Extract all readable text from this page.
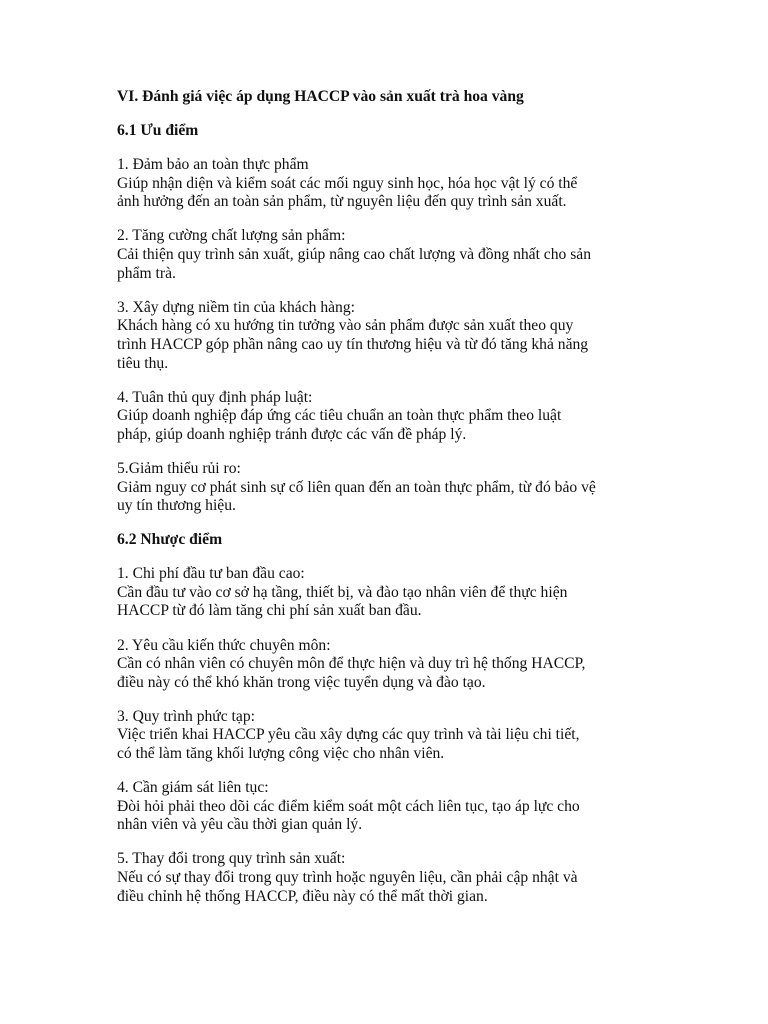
VI. Đánh giá việc áp dụng HACCP vào sản xuất trà hoa vàng
6.1 Ưu điểm
1. Đảm bảo an toàn thực phẩm
Giúp nhận diện và kiểm soát các mối nguy sinh học, hóa học vật lý có thể
ảnh hưởng đến an toàn sản phẩm, từ nguyên liệu đến quy trình sản xuất.
2. Tăng cường chất lượng sản phẩm:
Cải thiện quy trình sản xuất, giúp nâng cao chất lượng và đồng nhất cho sản
phẩm trà.
3. Xây dựng niềm tin của khách hàng:
Khách hàng có xu hướng tin tưởng vào sản phẩm được sản xuất theo quy
trình HACCP góp phần nâng cao uy tín thương hiệu và từ đó tăng khả năng
tiêu thụ.
4. Tuân thủ quy định pháp luật:
Giúp doanh nghiệp đáp ứng các tiêu chuẩn an toàn thực phẩm theo luật
pháp, giúp doanh nghiệp tránh được các vấn đề pháp lý.
5.Giảm thiểu rủi ro:
Giảm nguy cơ phát sinh sự cố liên quan đến an toàn thực phẩm, từ đó bảo vệ
uy tín thương hiệu.
6.2 Nhược điểm
1. Chi phí đầu tư ban đầu cao:
Cần đầu tư vào cơ sở hạ tầng, thiết bị, và đào tạo nhân viên để thực hiện
HACCP từ đó làm tăng chi phí sản xuất ban đầu.
2. Yêu cầu kiến thức chuyên môn:
Cần có nhân viên có chuyên môn để thực hiện và duy trì hệ thống HACCP,
điều này có thể khó khăn trong việc tuyển dụng và đào tạo.
3. Quy trình phức tạp:
Việc triển khai HACCP yêu cầu xây dựng các quy trình và tài liệu chi tiết,
có thể làm tăng khối lượng công việc cho nhân viên.
4. Cần giám sát liên tục:
Đòi hỏi phải theo dõi các điểm kiểm soát một cách liên tục, tạo áp lực cho
nhân viên và yêu cầu thời gian quản lý.
5. Thay đổi trong quy trình sản xuất:
Nếu có sự thay đổi trong quy trình hoặc nguyên liệu, cần phải cập nhật và
điều chỉnh hệ thống HACCP, điều này có thể mất thời gian.
